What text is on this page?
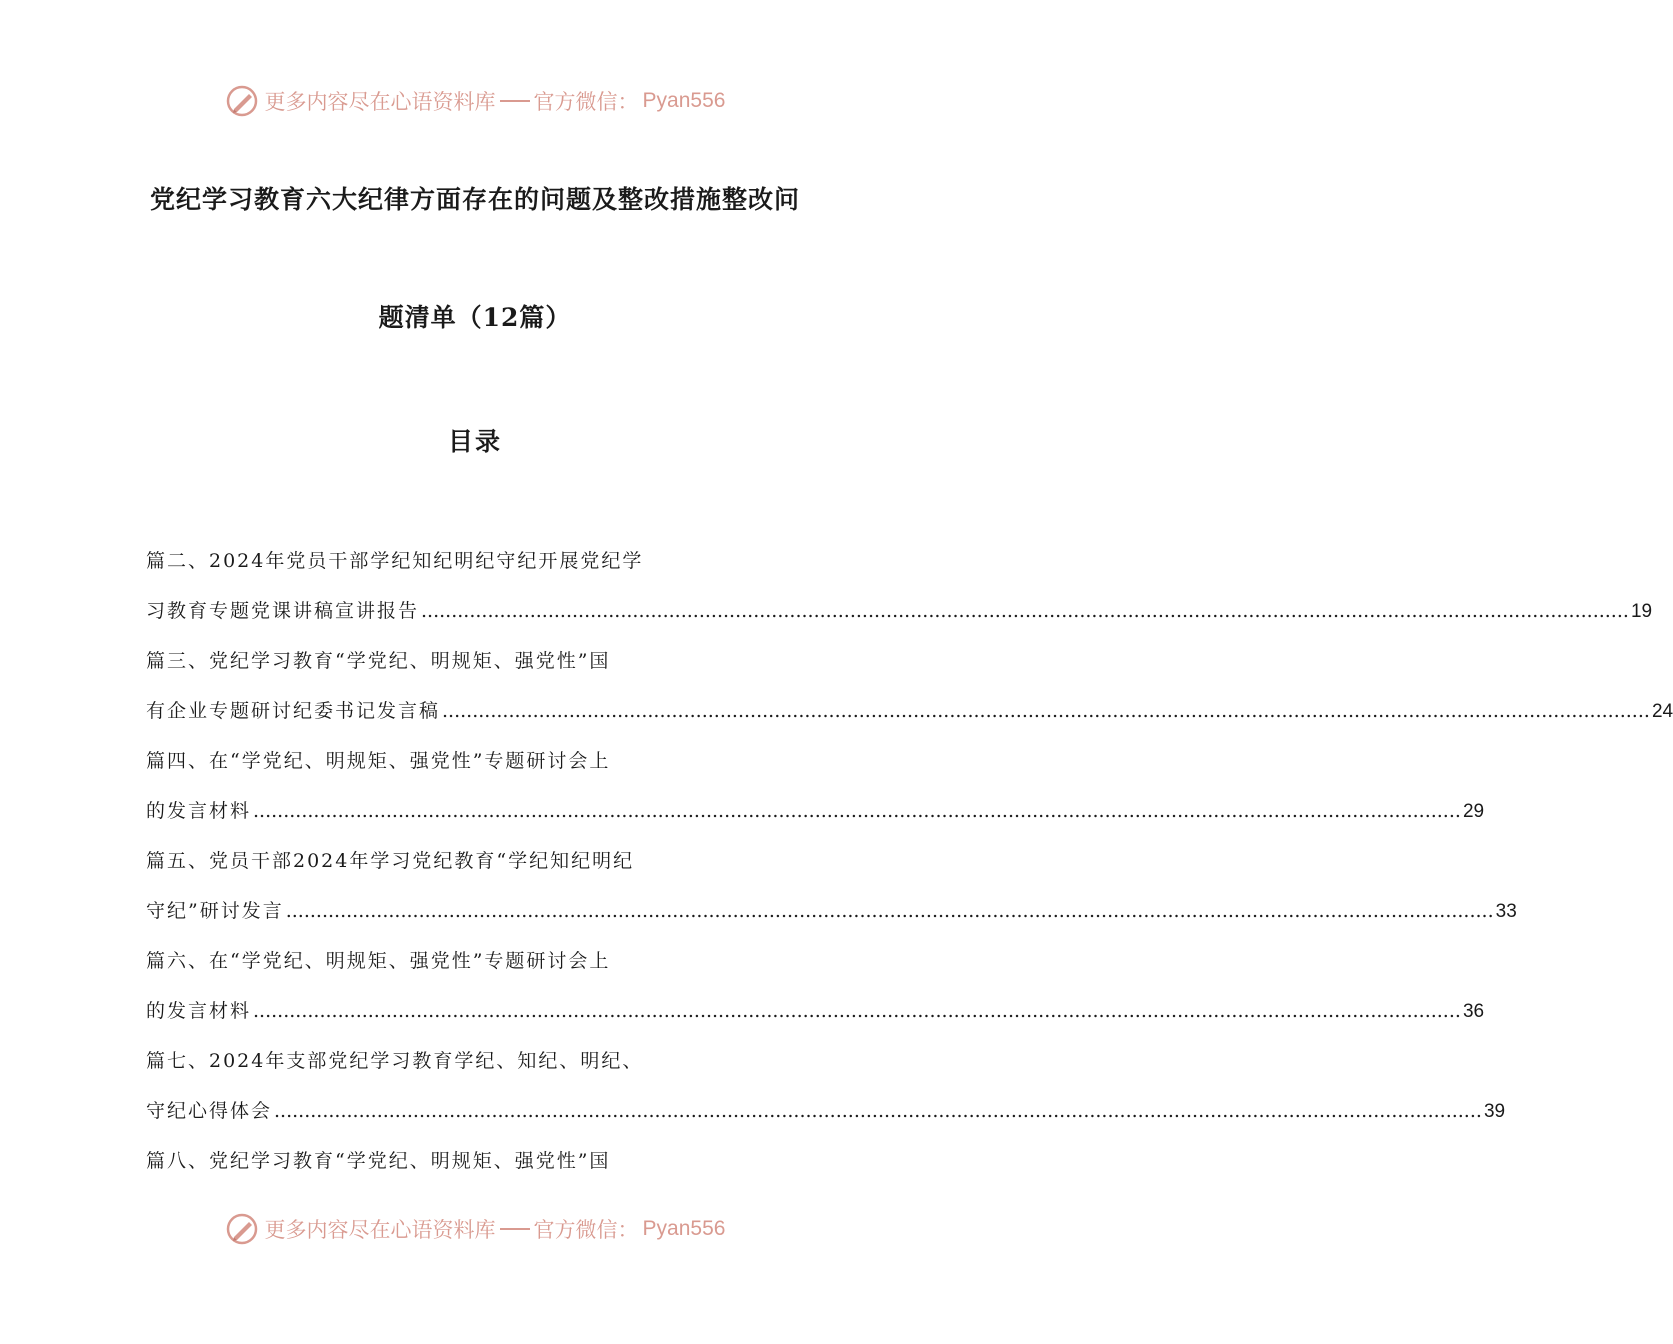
更多内容尽在心语资料库 官方微信： Pyan556
党纪学习教育六大纪律方面存在的问题及整改措施整改问
题清单（12篇）
目录
篇二、2024年党员干部学纪知纪明纪守纪开展党纪学
习教育专题党课讲稿宣讲报告 ........................................................................................................................................................................................................ 19
篇三、党纪学习教育“学党纪、明规矩、强党性”国
有企业专题研讨纪委书记发言稿 ........................................................................................................................................................................................................ 24
篇四、在“学党纪、明规矩、强党性”专题研讨会上
的发言材料 ........................................................................................................................................................................................................ 29
篇五、党员干部2024年学习党纪教育“学纪知纪明纪
守纪”研讨发言 ........................................................................................................................................................................................................ 33
篇六、在“学党纪、明规矩、强党性”专题研讨会上
的发言材料 ........................................................................................................................................................................................................ 36
篇七、2024年支部党纪学习教育学纪、知纪、明纪、
守纪心得体会 ........................................................................................................................................................................................................ 39
篇八、党纪学习教育“学党纪、明规矩、强党性”国
更多内容尽在心语资料库 官方微信： Pyan556
